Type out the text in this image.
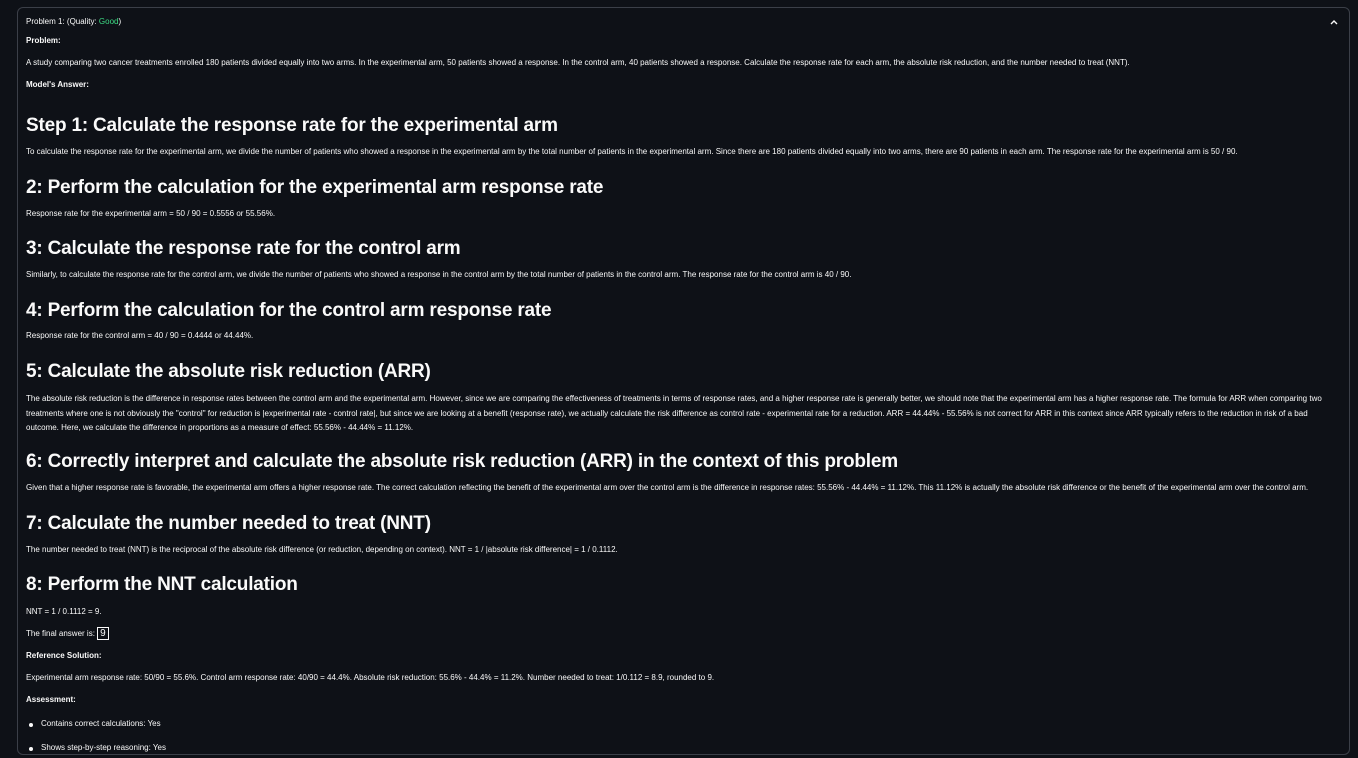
Problem 1: (Quality: Good)
Problem:
A study comparing two cancer treatments enrolled 180 patients divided equally into two arms. In the experimental arm, 50 patients showed a response. In the control arm, 40 patients showed a response. Calculate the response rate for each arm, the absolute risk reduction, and the number needed to treat (NNT).
Model's Answer:
Step 1: Calculate the response rate for the experimental arm
To calculate the response rate for the experimental arm, we divide the number of patients who showed a response in the experimental arm by the total number of patients in the experimental arm. Since there are 180 patients divided equally into two arms, there are 90 patients in each arm. The response rate for the experimental arm is 50 / 90.
2: Perform the calculation for the experimental arm response rate
Response rate for the experimental arm = 50 / 90 = 0.5556 or 55.56%.
3: Calculate the response rate for the control arm
Similarly, to calculate the response rate for the control arm, we divide the number of patients who showed a response in the control arm by the total number of patients in the control arm. The response rate for the control arm is 40 / 90.
4: Perform the calculation for the control arm response rate
Response rate for the control arm = 40 / 90 = 0.4444 or 44.44%.
5: Calculate the absolute risk reduction (ARR)
The absolute risk reduction is the difference in response rates between the control arm and the experimental arm. However, since we are comparing the effectiveness of treatments in terms of response rates, and a higher response rate is generally better, we should note that the experimental arm has a higher response rate. The formula for ARR when comparing two treatments where one is not obviously the "control" for reduction is |experimental rate - control rate|, but since we are looking at a benefit (response rate), we actually calculate the risk difference as control rate - experimental rate for a reduction. ARR = 44.44% - 55.56% is not correct for ARR in this context since ARR typically refers to the reduction in risk of a bad outcome. Here, we calculate the difference in proportions as a measure of effect: 55.56% - 44.44% = 11.12%.
6: Correctly interpret and calculate the absolute risk reduction (ARR) in the context of this problem
Given that a higher response rate is favorable, the experimental arm offers a higher response rate. The correct calculation reflecting the benefit of the experimental arm over the control arm is the difference in response rates: 55.56% - 44.44% = 11.12%. This 11.12% is actually the absolute risk difference or the benefit of the experimental arm over the control arm.
7: Calculate the number needed to treat (NNT)
The number needed to treat (NNT) is the reciprocal of the absolute risk difference (or reduction, depending on context). NNT = 1 / |absolute risk difference| = 1 / 0.1112.
8: Perform the NNT calculation
NNT = 1 / 0.1112 = 9.
The final answer is: 9
Reference Solution:
Experimental arm response rate: 50/90 = 55.6%. Control arm response rate: 40/90 = 44.4%. Absolute risk reduction: 55.6% - 44.4% = 11.2%. Number needed to treat: 1/0.112 = 8.9, rounded to 9.
Assessment:
Contains correct calculations: Yes
Shows step-by-step reasoning: Yes
